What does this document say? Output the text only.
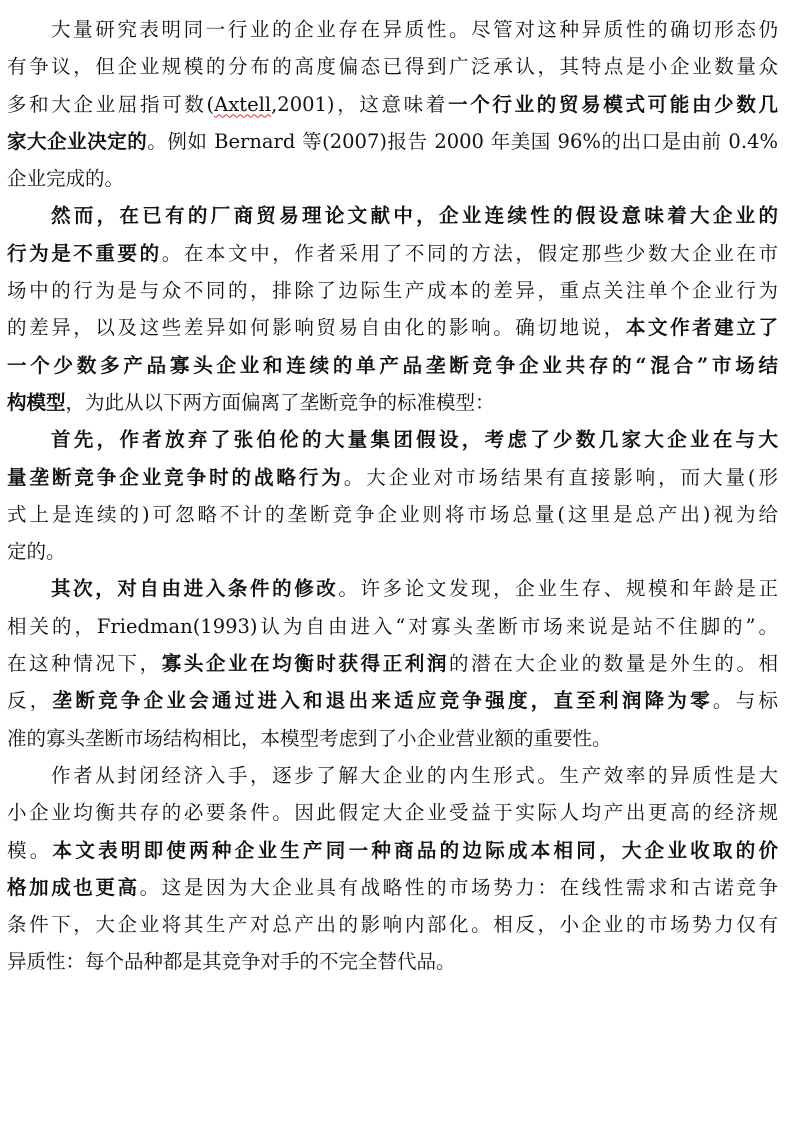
大量研究表明同一行业的企业存在异质性。尽管对这种异质性的确切形态仍
有争议，但企业规模的分布的高度偏态已得到广泛承认，其特点是小企业数量众
多和大企业屈指可数(Axtell,2001)，这意味着一个行业的贸易模式可能由少数几
家大企业决定的。例如 Bernard 等(2007)报告 2000 年美国 96%的出口是由前 0.4%
企业完成的。
然而，在已有的厂商贸易理论文献中，企业连续性的假设意味着大企业的
行为是不重要的。在本文中，作者采用了不同的方法，假定那些少数大企业在市
场中的行为是与众不同的，排除了边际生产成本的差异，重点关注单个企业行为
的差异，以及这些差异如何影响贸易自由化的影响。确切地说，本文作者建立了
一个少数多产品寡头企业和连续的单产品垄断竞争企业共存的“混合”市场结
构模型，为此从以下两方面偏离了垄断竞争的标准模型：
首先，作者放弃了张伯伦的大量集团假设，考虑了少数几家大企业在与大
量垄断竞争企业竞争时的战略行为。大企业对市场结果有直接影响，而大量(形
式上是连续的)可忽略不计的垄断竞争企业则将市场总量(这里是总产出)视为给
定的。
其次，对自由进入条件的修改。许多论文发现，企业生存、规模和年龄是正
相关的，Friedman(1993)认为自由进入“对寡头垄断市场来说是站不住脚的”。
在这种情况下，寡头企业在均衡时获得正利润的潜在大企业的数量是外生的。相
反，垄断竞争企业会通过进入和退出来适应竞争强度，直至利润降为零。与标
准的寡头垄断市场结构相比，本模型考虑到了小企业营业额的重要性。
作者从封闭经济入手，逐步了解大企业的内生形式。生产效率的异质性是大
小企业均衡共存的必要条件。因此假定大企业受益于实际人均产出更高的经济规
模。本文表明即使两种企业生产同一种商品的边际成本相同，大企业收取的价
格加成也更高。这是因为大企业具有战略性的市场势力：在线性需求和古诺竞争
条件下，大企业将其生产对总产出的影响内部化。相反，小企业的市场势力仅有
异质性：每个品种都是其竞争对手的不完全替代品。
